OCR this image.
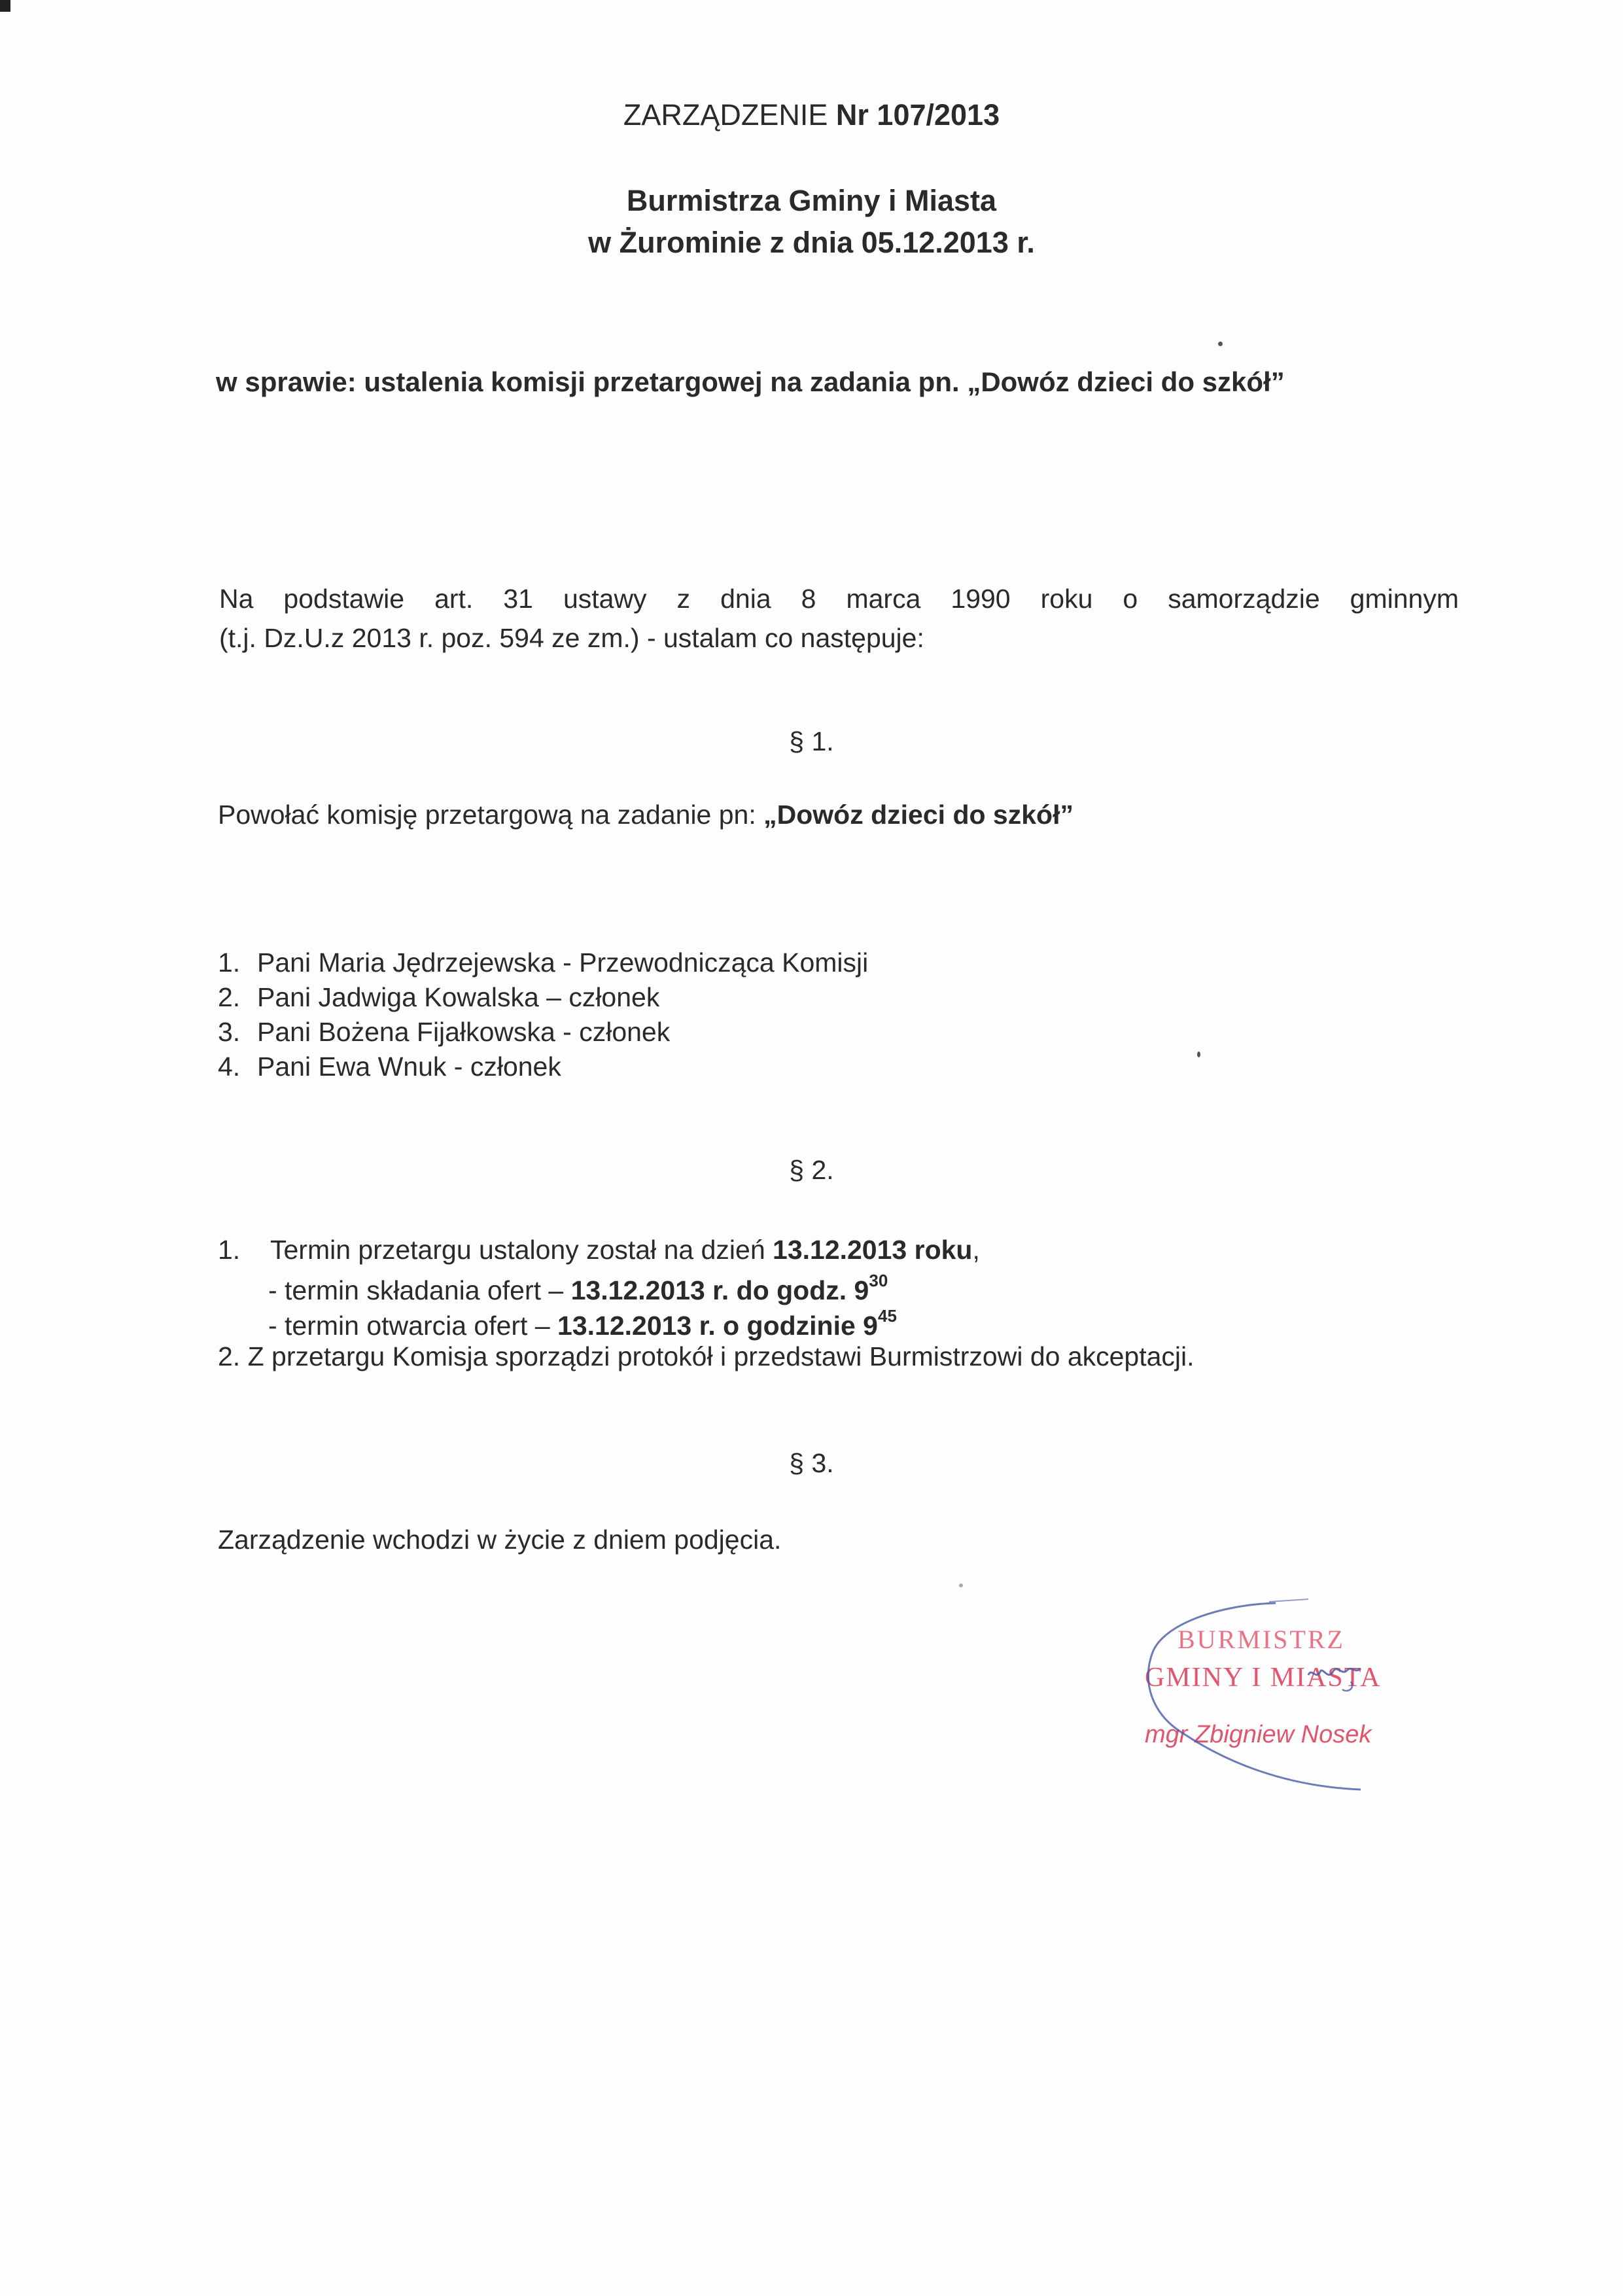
ZARZĄDZENIE Nr 107/2013
Burmistrza Gminy i Miasta
w Żurominie z dnia 05.12.2013 r.
w sprawie: ustalenia komisji przetargowej na zadania pn. „Dowóz dzieci do szkół”
Na podstawie art. 31 ustawy z dnia 8 marca 1990 roku o samorządzie gminnym
(t.j. Dz.U.z 2013 r. poz. 594 ze zm.) - ustalam co następuje:
§ 1.
Powołać komisję przetargową na zadanie pn: „Dowóz dzieci do szkół”
1. Pani Maria Jędrzejewska - Przewodnicząca Komisji
2. Pani Jadwiga Kowalska – członek
3. Pani Bożena Fijałkowska - członek
4. Pani Ewa Wnuk - członek
§ 2.
1. Termin przetargu ustalony został na dzień 13.12.2013 roku,
- termin składania ofert – 13.12.2013 r. do godz. $9^{30}$
- termin otwarcia ofert – 13.12.2013 r. o godzinie $9^{45}$
2. Z przetargu Komisja sporządzi protokół i przedstawi Burmistrzowi do akceptacji.
§ 3.
Zarządzenie wchodzi w życie z dniem podjęcia.
BURMISTRZ
GMINY I MIASTA
mgr Zbigniew Nosek
